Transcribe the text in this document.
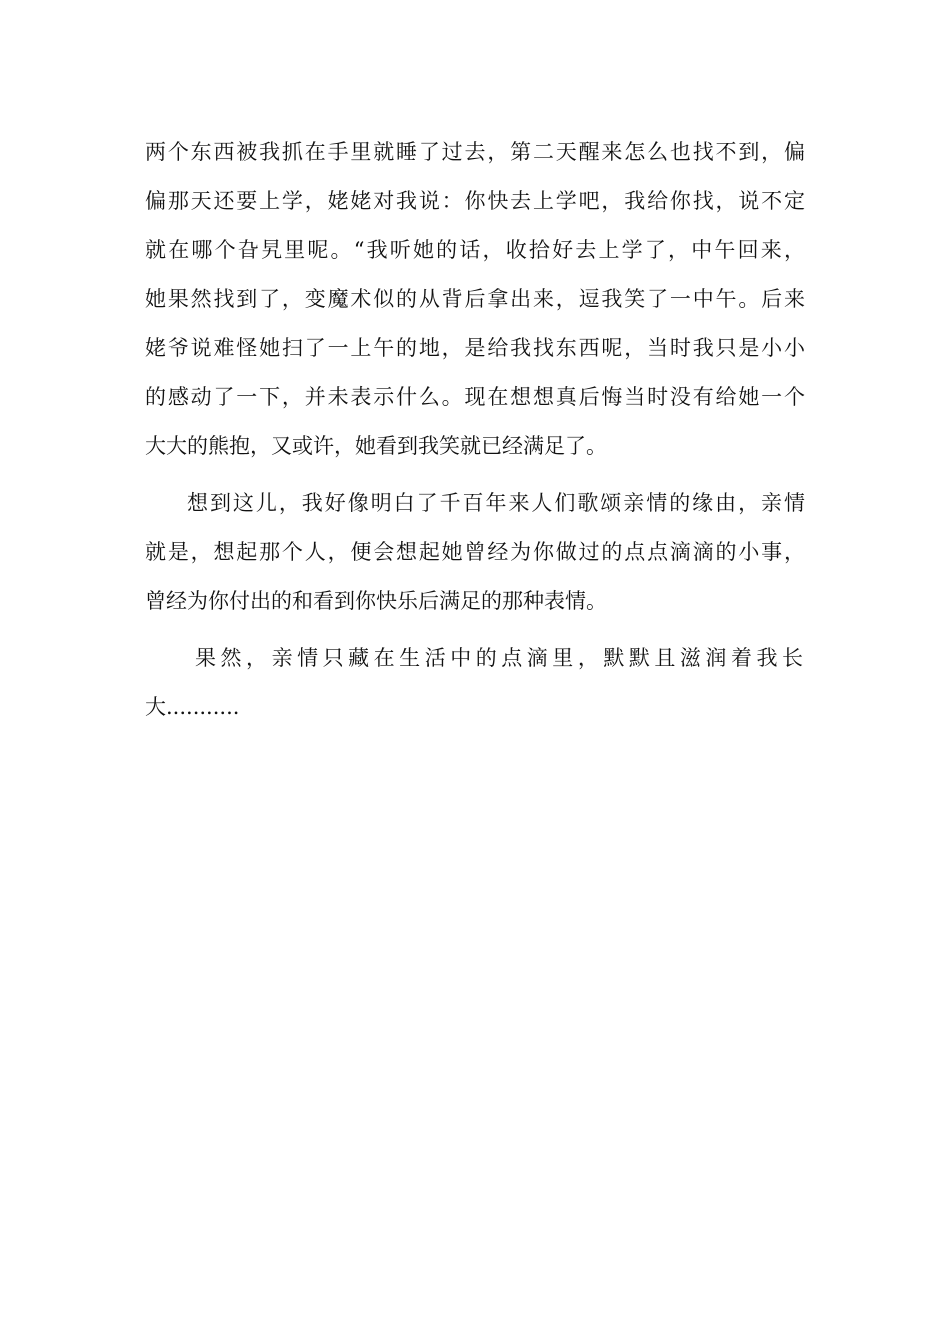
两个东西被我抓在手里就睡了过去，第二天醒来怎么也找不到，偏
偏那天还要上学，姥姥对我说：你快去上学吧，我给你找，说不定
就在哪个旮旯里呢。“我听她的话，收拾好去上学了，中午回来，
她果然找到了，变魔术似的从背后拿出来，逗我笑了一中午。后来
姥爷说难怪她扫了一上午的地，是给我找东西呢，当时我只是小小
的感动了一下，并未表示什么。现在想想真后悔当时没有给她一个
大大的熊抱，又或许，她看到我笑就已经满足了。
想到这儿，我好像明白了千百年来人们歌颂亲情的缘由，亲情
就是，想起那个人，便会想起她曾经为你做过的点点滴滴的小事，
曾经为你付出的和看到你快乐后满足的那种表情。
果然，亲情只藏在生活中的点滴里，默默且滋润着我长
大...........
